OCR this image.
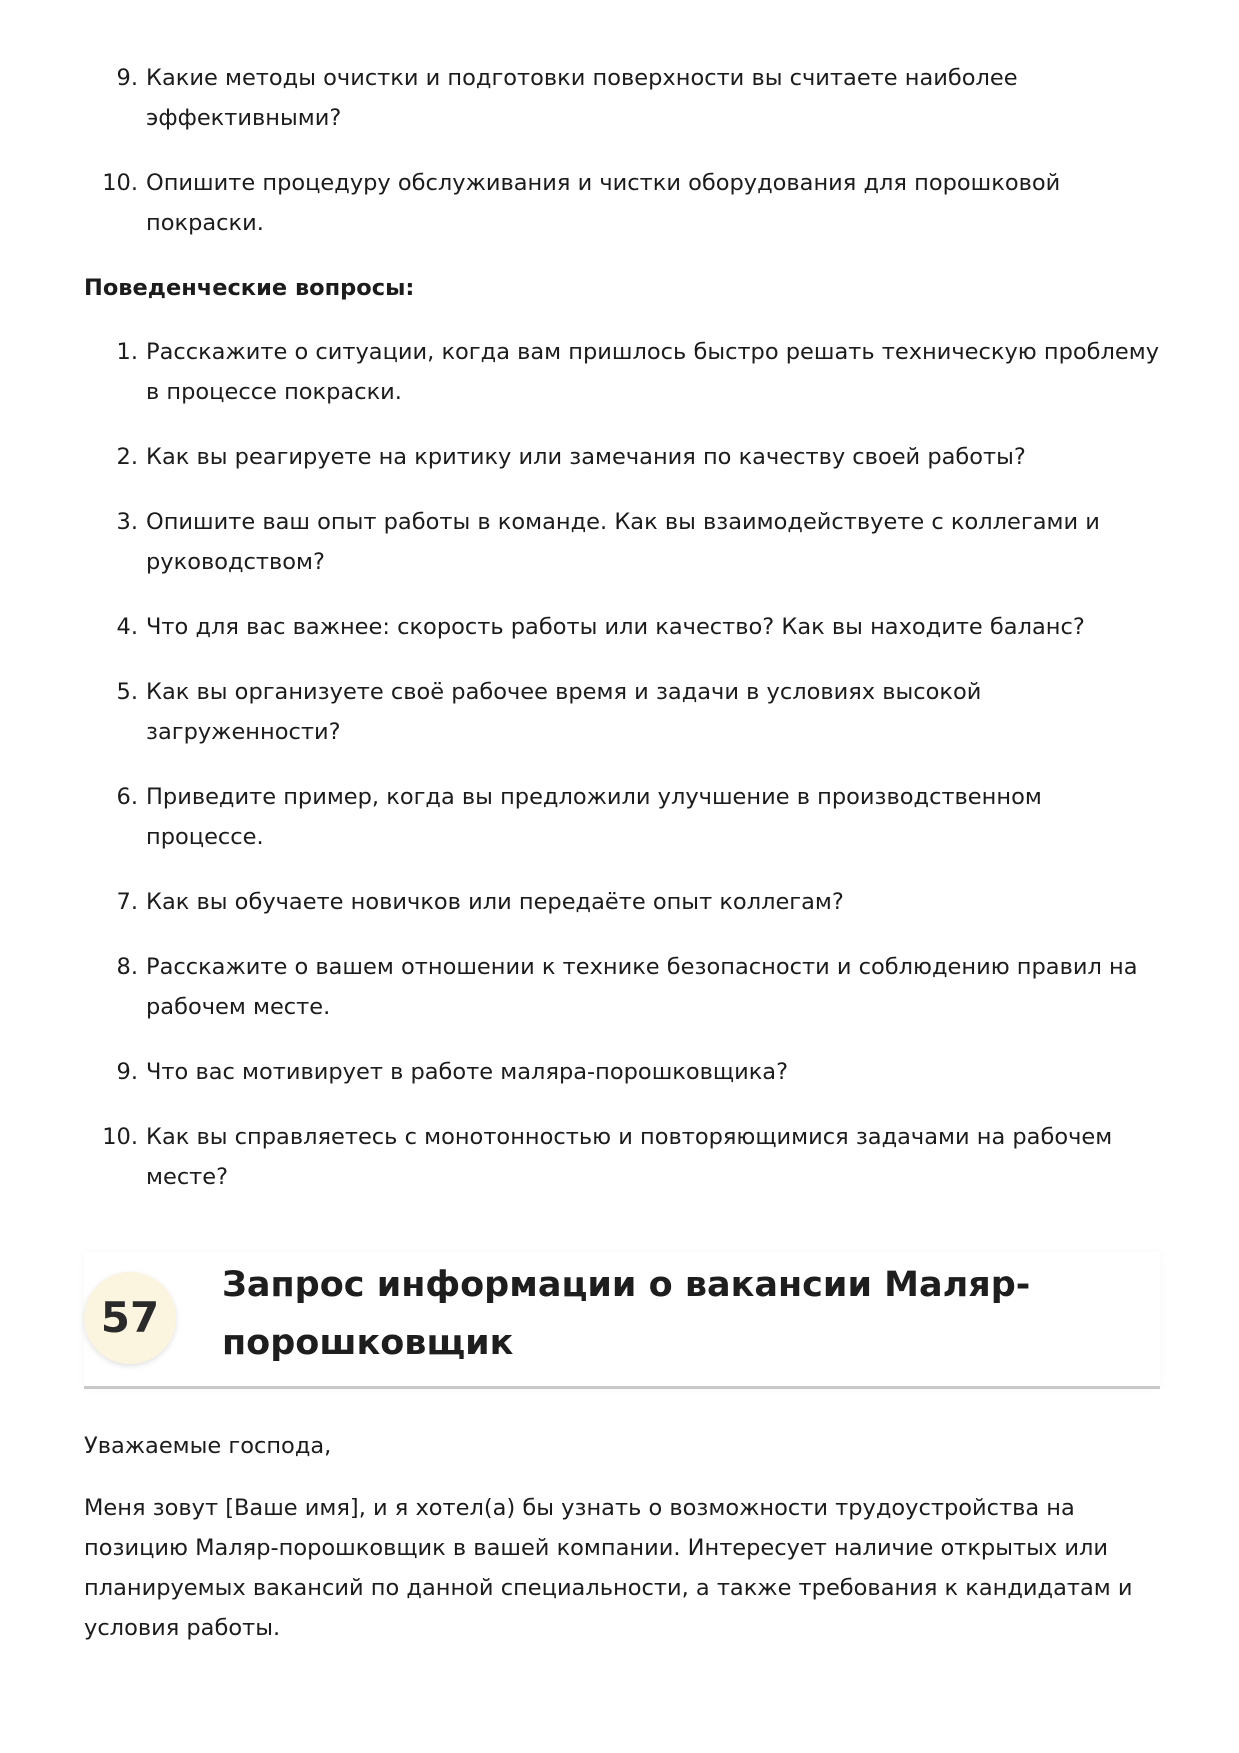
9. Какие методы очистки и подготовки поверхности вы считаете наиболее эффективными?
10. Опишите процедуру обслуживания и чистки оборудования для порошковой покраски.
Поведенческие вопросы:
1. Расскажите о ситуации, когда вам пришлось быстро решать техническую проблему в процессе покраски.
2. Как вы реагируете на критику или замечания по качеству своей работы?
3. Опишите ваш опыт работы в команде. Как вы взаимодействуете с коллегами и руководством?
4. Что для вас важнее: скорость работы или качество? Как вы находите баланс?
5. Как вы организуете своё рабочее время и задачи в условиях высокой загруженности?
6. Приведите пример, когда вы предложили улучшение в производственном процессе.
7. Как вы обучаете новичков или передаёте опыт коллегам?
8. Расскажите о вашем отношении к технике безопасности и соблюдению правил на рабочем месте.
9. Что вас мотивирует в работе маляра-порошковщика?
10. Как вы справляетесь с монотонностью и повторяющимися задачами на рабочем месте?
57
Запрос информации о вакансии Маляр-порошковщик

Уважаемые господа,

Меня зовут [Ваше имя], и я хотел(а) бы узнать о возможности трудоустройства на позицию Маляр-порошковщик в вашей компании. Интересует наличие открытых или планируемых вакансий по данной специальности, а также требования к кандидатам и условия работы.
